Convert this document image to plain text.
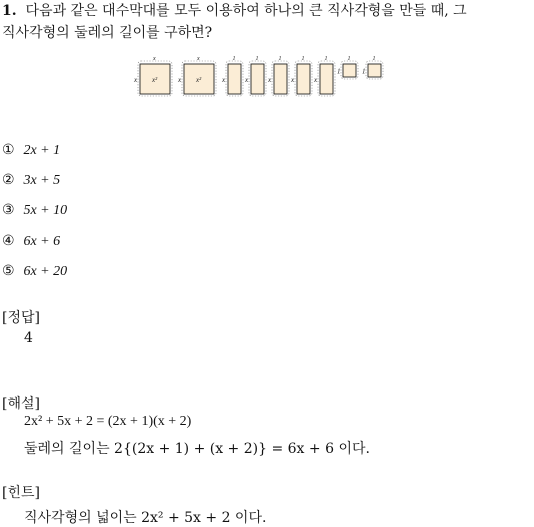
1. 다음과 같은 대수막대를 모두 이용하여 하나의 큰 직사각형을 만들 때, 그
직사각형의 둘레의 길이를 구하면?
x
x
x²	x
x
x²	x
1
x
1
x
1
x
1
x
1
1
1
1
1
① 2x + 1
② 3x + 5
③ 5x + 10
④ 6x + 6
⑤ 6x + 20
[정답]
4
[해설]
2x² + 5x + 2 = (2x + 1)(x + 2)
둘레의 길이는 2{(2x + 1) + (x + 2)} = 6x + 6 이다.
[힌트]
직사각형의 넓이는 2x² + 5x + 2 이다.
